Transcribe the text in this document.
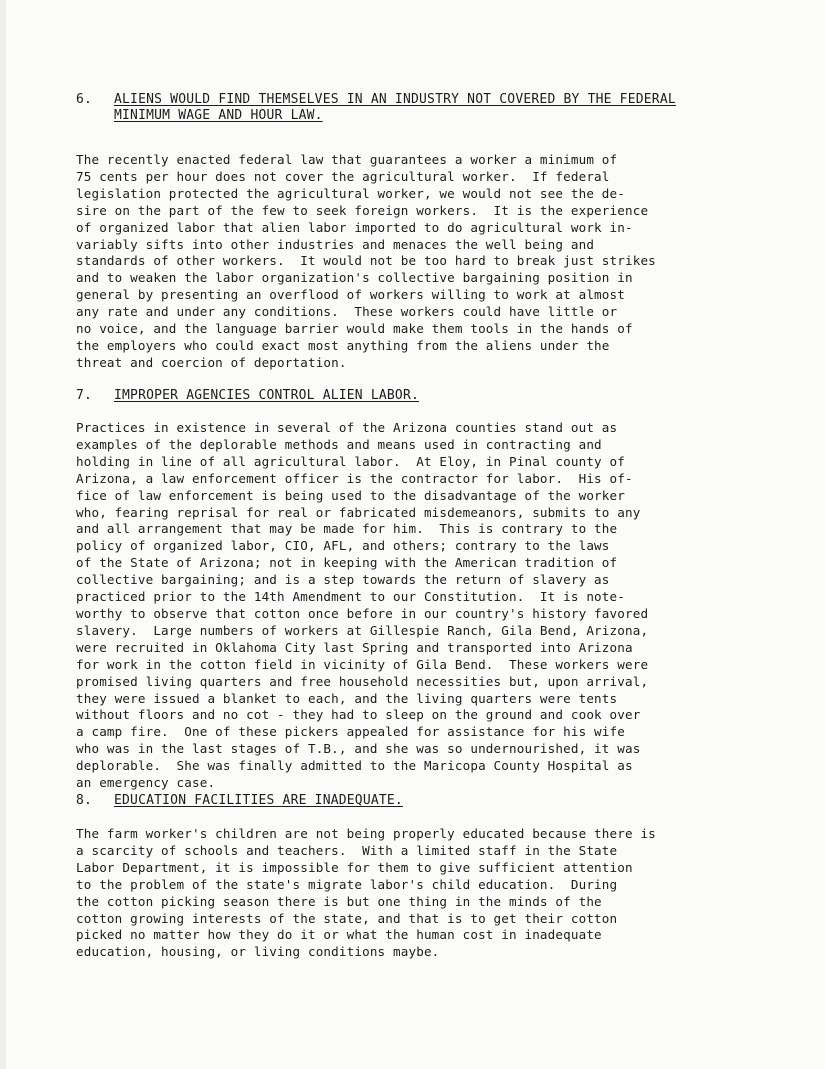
6.	ALIENS WOULD FIND THEMSELVES IN AN INDUSTRY NOT COVERED BY THE FEDERAL
MINIMUM WAGE AND HOUR LAW.
The recently enacted federal law that guarantees a worker a minimum of
75 cents per hour does not cover the agricultural worker.  If federal
legislation protected the agricultural worker, we would not see the de-
sire on the part of the few to seek foreign workers.  It is the experience
of organized labor that alien labor imported to do agricultural work in-
variably sifts into other industries and menaces the well being and
standards of other workers.  It would not be too hard to break just strikes
and to weaken the labor organization's collective bargaining position in
general by presenting an overflood of workers willing to work at almost
any rate and under any conditions.  These workers could have little or
no voice, and the language barrier would make them tools in the hands of
the employers who could exact most anything from the aliens under the
threat and coercion of deportation.
7.	IMPROPER AGENCIES CONTROL ALIEN LABOR.
Practices in existence in several of the Arizona counties stand out as
examples of the deplorable methods and means used in contracting and
holding in line of all agricultural labor.  At Eloy, in Pinal county of
Arizona, a law enforcement officer is the contractor for labor.  His of-
fice of law enforcement is being used to the disadvantage of the worker
who, fearing reprisal for real or fabricated misdemeanors, submits to any
and all arrangement that may be made for him.  This is contrary to the
policy of organized labor, CIO, AFL, and others; contrary to the laws
of the State of Arizona; not in keeping with the American tradition of
collective bargaining; and is a step towards the return of slavery as
practiced prior to the 14th Amendment to our Constitution.  It is note-
worthy to observe that cotton once before in our country's history favored
slavery.  Large numbers of workers at Gillespie Ranch, Gila Bend, Arizona,
were recruited in Oklahoma City last Spring and transported into Arizona
for work in the cotton field in vicinity of Gila Bend.  These workers were
promised living quarters and free household necessities but, upon arrival,
they were issued a blanket to each, and the living quarters were tents
without floors and no cot - they had to sleep on the ground and cook over
a camp fire.  One of these pickers appealed for assistance for his wife
who was in the last stages of T.B., and she was so undernourished, it was
deplorable.  She was finally admitted to the Maricopa County Hospital as
an emergency case.
8.	EDUCATION FACILITIES ARE INADEQUATE.
The farm worker's children are not being properly educated because there is
a scarcity of schools and teachers.  With a limited staff in the State
Labor Department, it is impossible for them to give sufficient attention
to the problem of the state's migrate labor's child education.  During
the cotton picking season there is but one thing in the minds of the
cotton growing interests of the state, and that is to get their cotton
picked no matter how they do it or what the human cost in inadequate
education, housing, or living conditions maybe.
